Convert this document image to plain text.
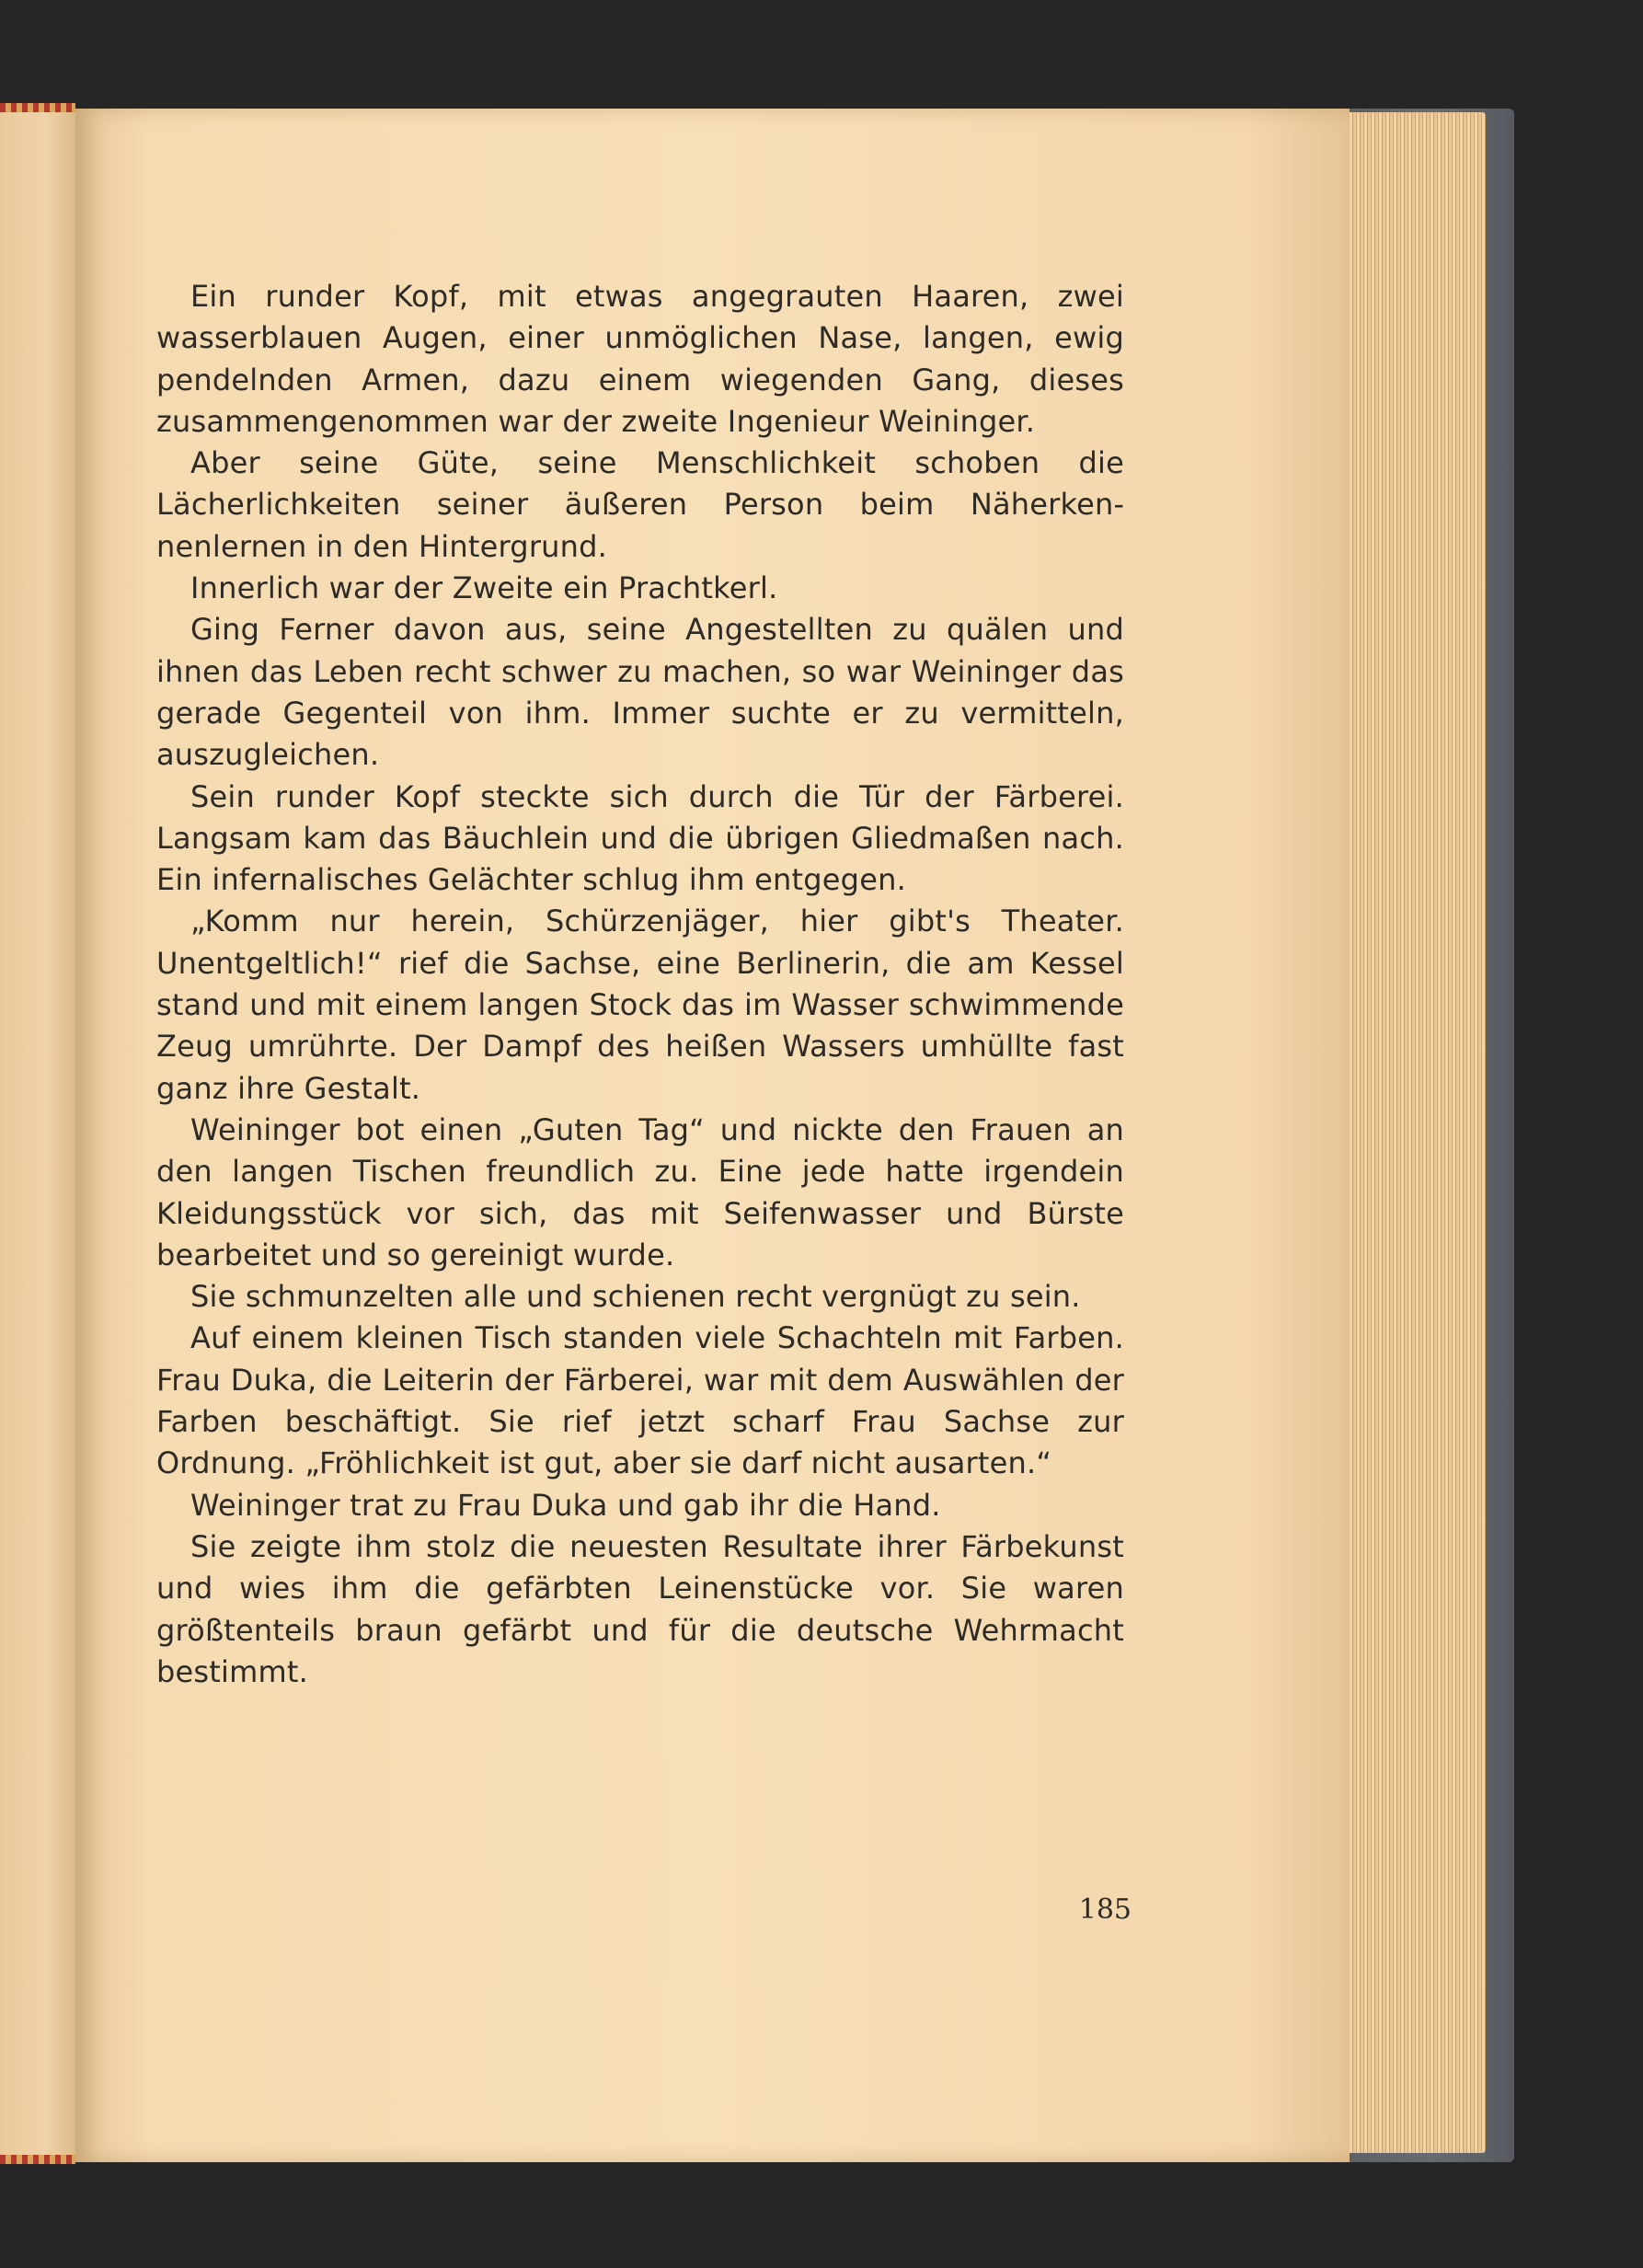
Ein runder Kopf, mit etwas angegrauten Haaren, zwei wasserblauen Augen, einer unmöglichen Nase, langen, ewig pendelnden Armen, dazu einem wiegenden Gang, dieses zusammengenommen war der zweite Ingenieur Weininger.

Aber seine Güte, seine Menschlichkeit schoben die Lächerlichkeiten seiner äußeren Person beim Näherkennenlernen in den Hintergrund.

Innerlich war der Zweite ein Prachtkerl.

Ging Ferner davon aus, seine Angestellten zu quälen und ihnen das Leben recht schwer zu machen, so war Weininger das gerade Gegenteil von ihm. Immer suchte er zu vermitteln, auszugleichen.

Sein runder Kopf steckte sich durch die Tür der Färberei. Langsam kam das Bäuchlein und die übrigen Gliedmaßen nach. Ein infernalisches Gelächter schlug ihm entgegen.

„Komm nur herein, Schürzenjäger, hier gibt's Theater. Unentgeltlich!“ rief die Sachse, eine Berlinerin, die am Kessel stand und mit einem langen Stock das im Wasser schwimmende Zeug umrührte. Der Dampf des heißen Wassers umhüllte fast ganz ihre Gestalt.

Weininger bot einen „Guten Tag“ und nickte den Frauen an den langen Tischen freundlich zu. Eine jede hatte irgendein Kleidungsstück vor sich, das mit Seifenwasser und Bürste bearbeitet und so gereinigt wurde.

Sie schmunzelten alle und schienen recht vergnügt zu sein.

Auf einem kleinen Tisch standen viele Schachteln mit Farben. Frau Duka, die Leiterin der Färberei, war mit dem Auswählen der Farben beschäftigt. Sie rief jetzt scharf Frau Sachse zur Ordnung. „Fröhlichkeit ist gut, aber sie darf nicht ausarten.“

Weininger trat zu Frau Duka und gab ihr die Hand.

Sie zeigte ihm stolz die neuesten Resultate ihrer Färbekunst und wies ihm die gefärbten Leinenstücke vor. Sie waren größtenteils braun gefärbt und für die deutsche Wehrmacht bestimmt.

185
